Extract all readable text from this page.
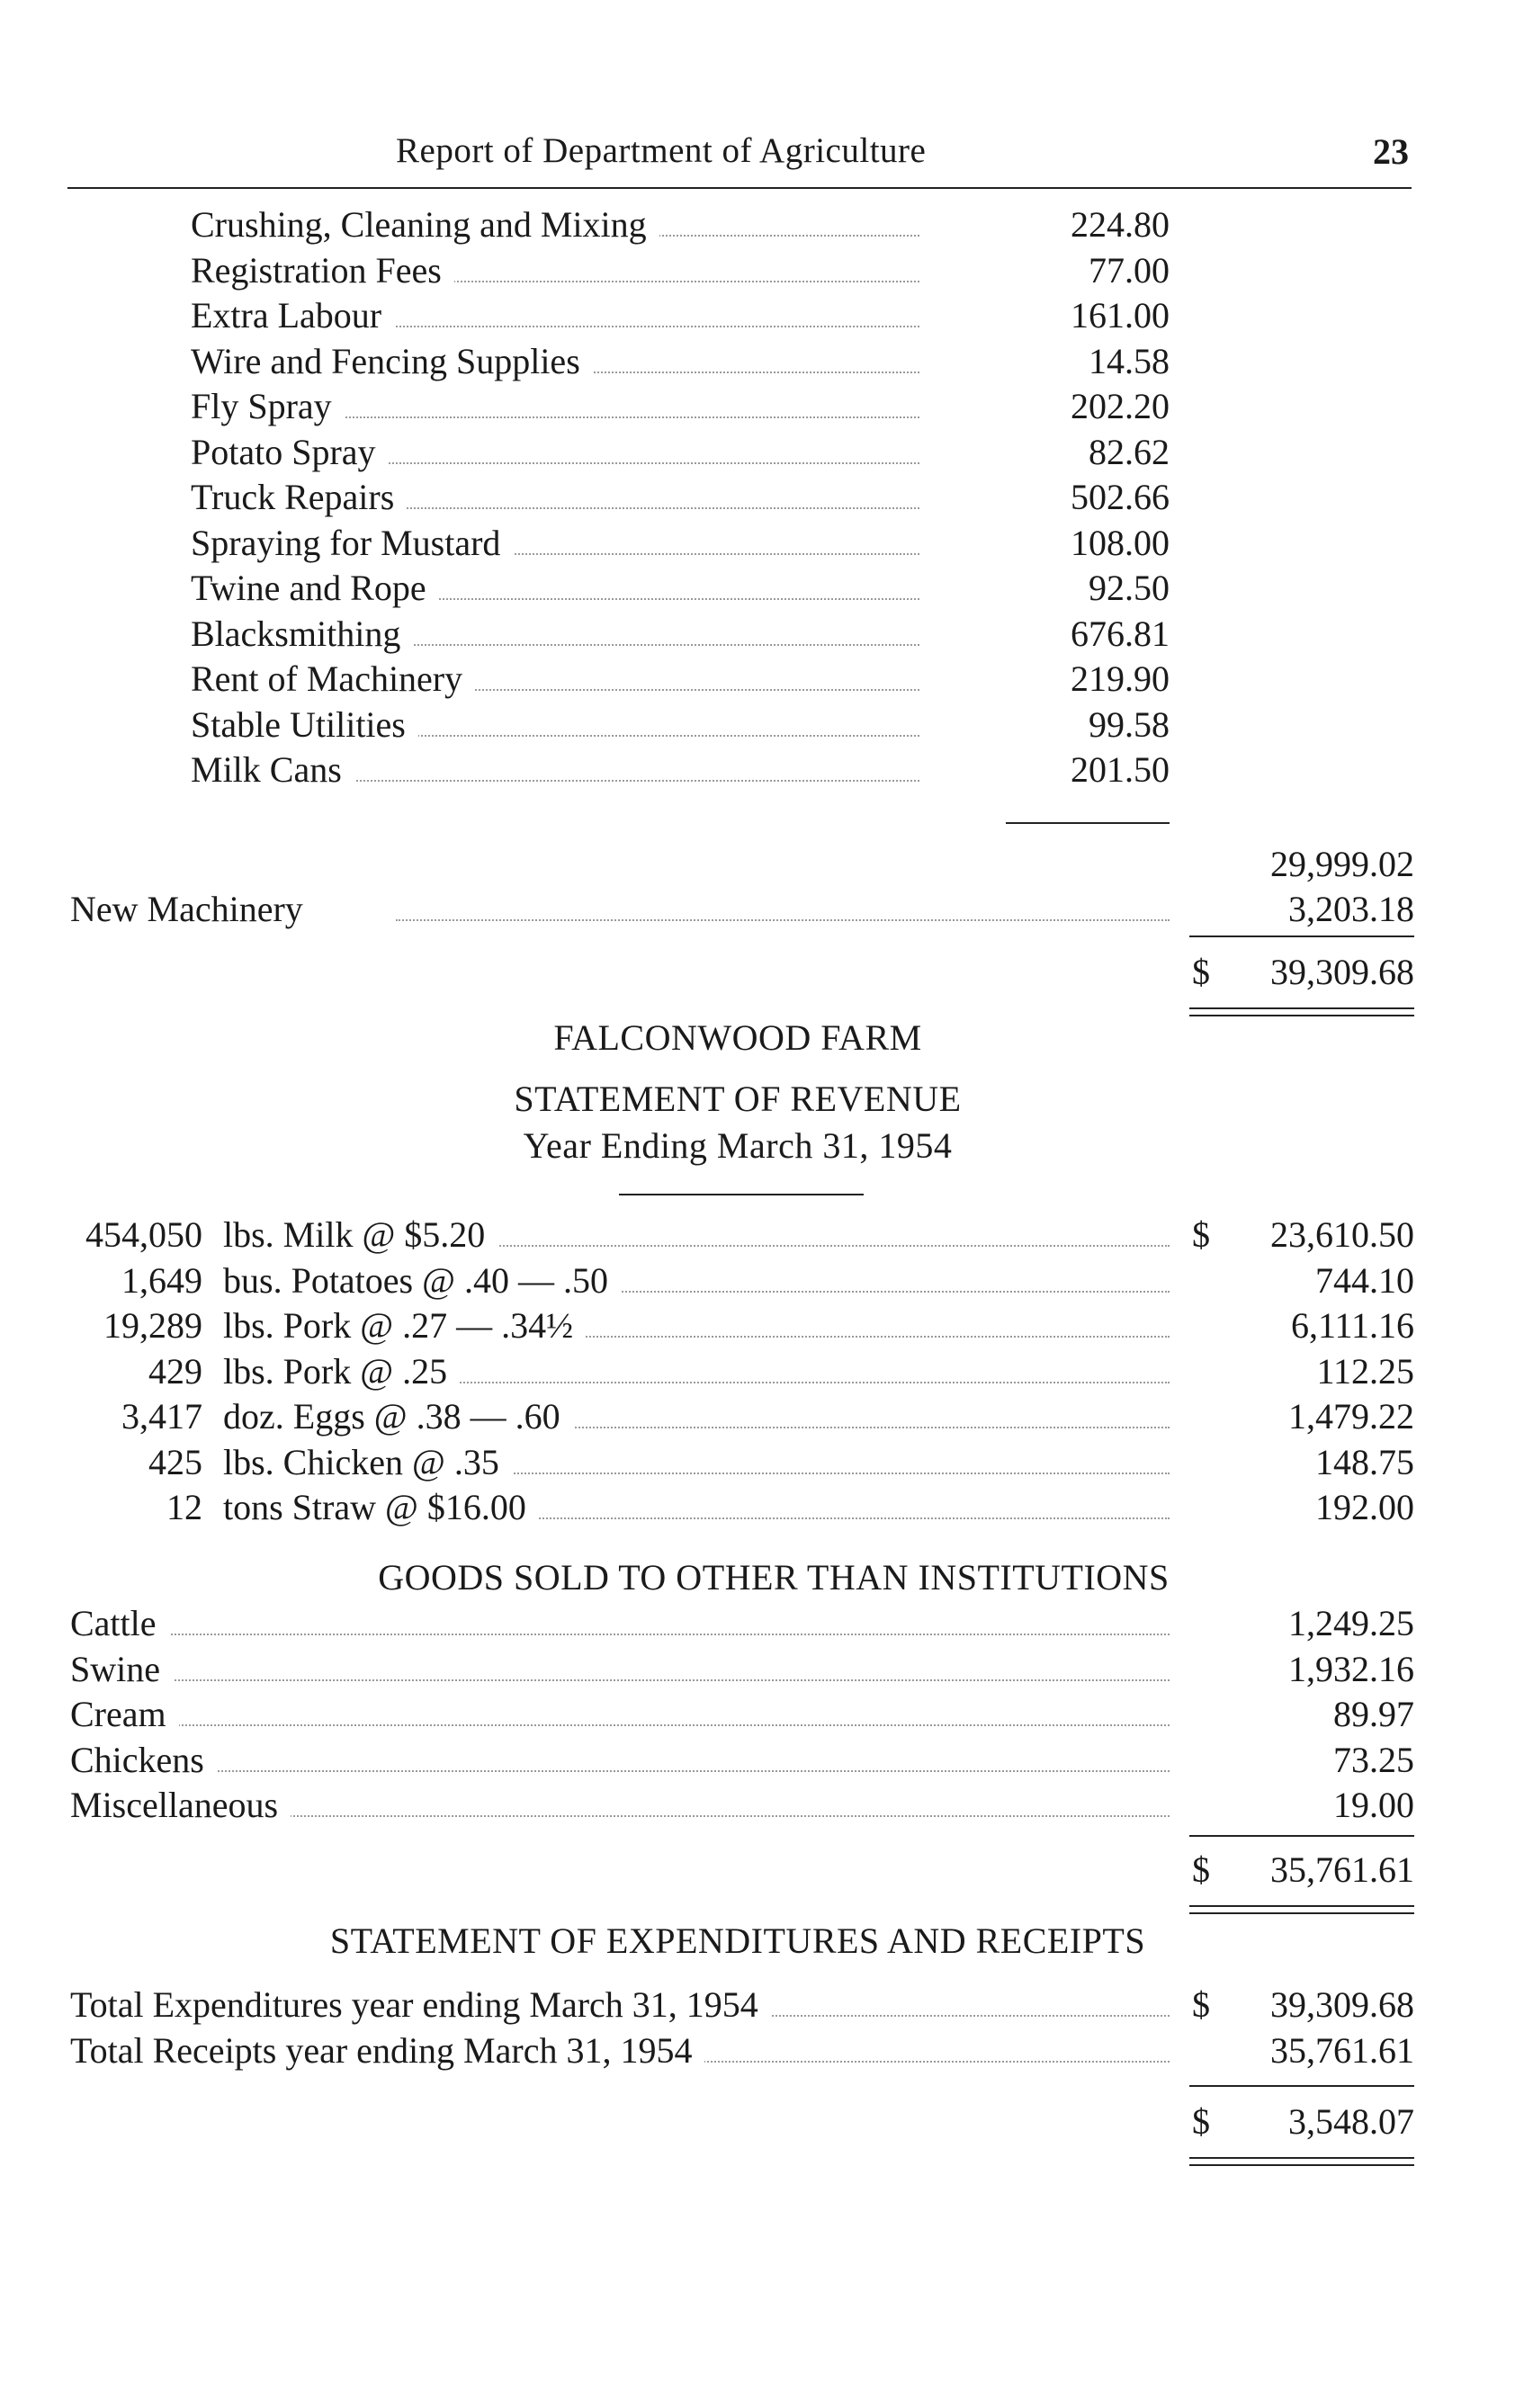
Report of Department of Agriculture	23
Crushing, Cleaning and Mixing	224.80
Registration Fees	77.00
Extra Labour	161.00
Wire and Fencing Supplies	14.58
Fly Spray	202.20
Potato Spray	82.62
Truck Repairs	502.66
Spraying for Mustard	108.00
Twine and Rope	92.50
Blacksmithing	676.81
Rent of Machinery	219.90
Stable Utilities	99.58
Milk Cans	201.50
29,999.02
New Machinery	3,203.18
$	39,309.68
FALCONWOOD FARM
STATEMENT OF REVENUE
Year Ending March 31, 1954
454,050 lbs. Milk @ $5.20	$	23,610.50
1,649 bus. Potatoes @ .40 — .50	744.10
19,289 lbs. Pork @ .27 — .34½	6,111.16
429 lbs. Pork @ .25	112.25
3,417 doz. Eggs @ .38 — .60	1,479.22
425 lbs. Chicken @ .35	148.75
12 tons Straw @ $16.00	192.00
GOODS SOLD TO OTHER THAN INSTITUTIONS
Cattle	1,249.25
Swine	1,932.16
Cream	89.97
Chickens	73.25
Miscellaneous	19.00
$	35,761.61
STATEMENT OF EXPENDITURES AND RECEIPTS
Total Expenditures year ending March 31, 1954	$	39,309.68
Total Receipts year ending March 31, 1954	35,761.61
$	3,548.07
